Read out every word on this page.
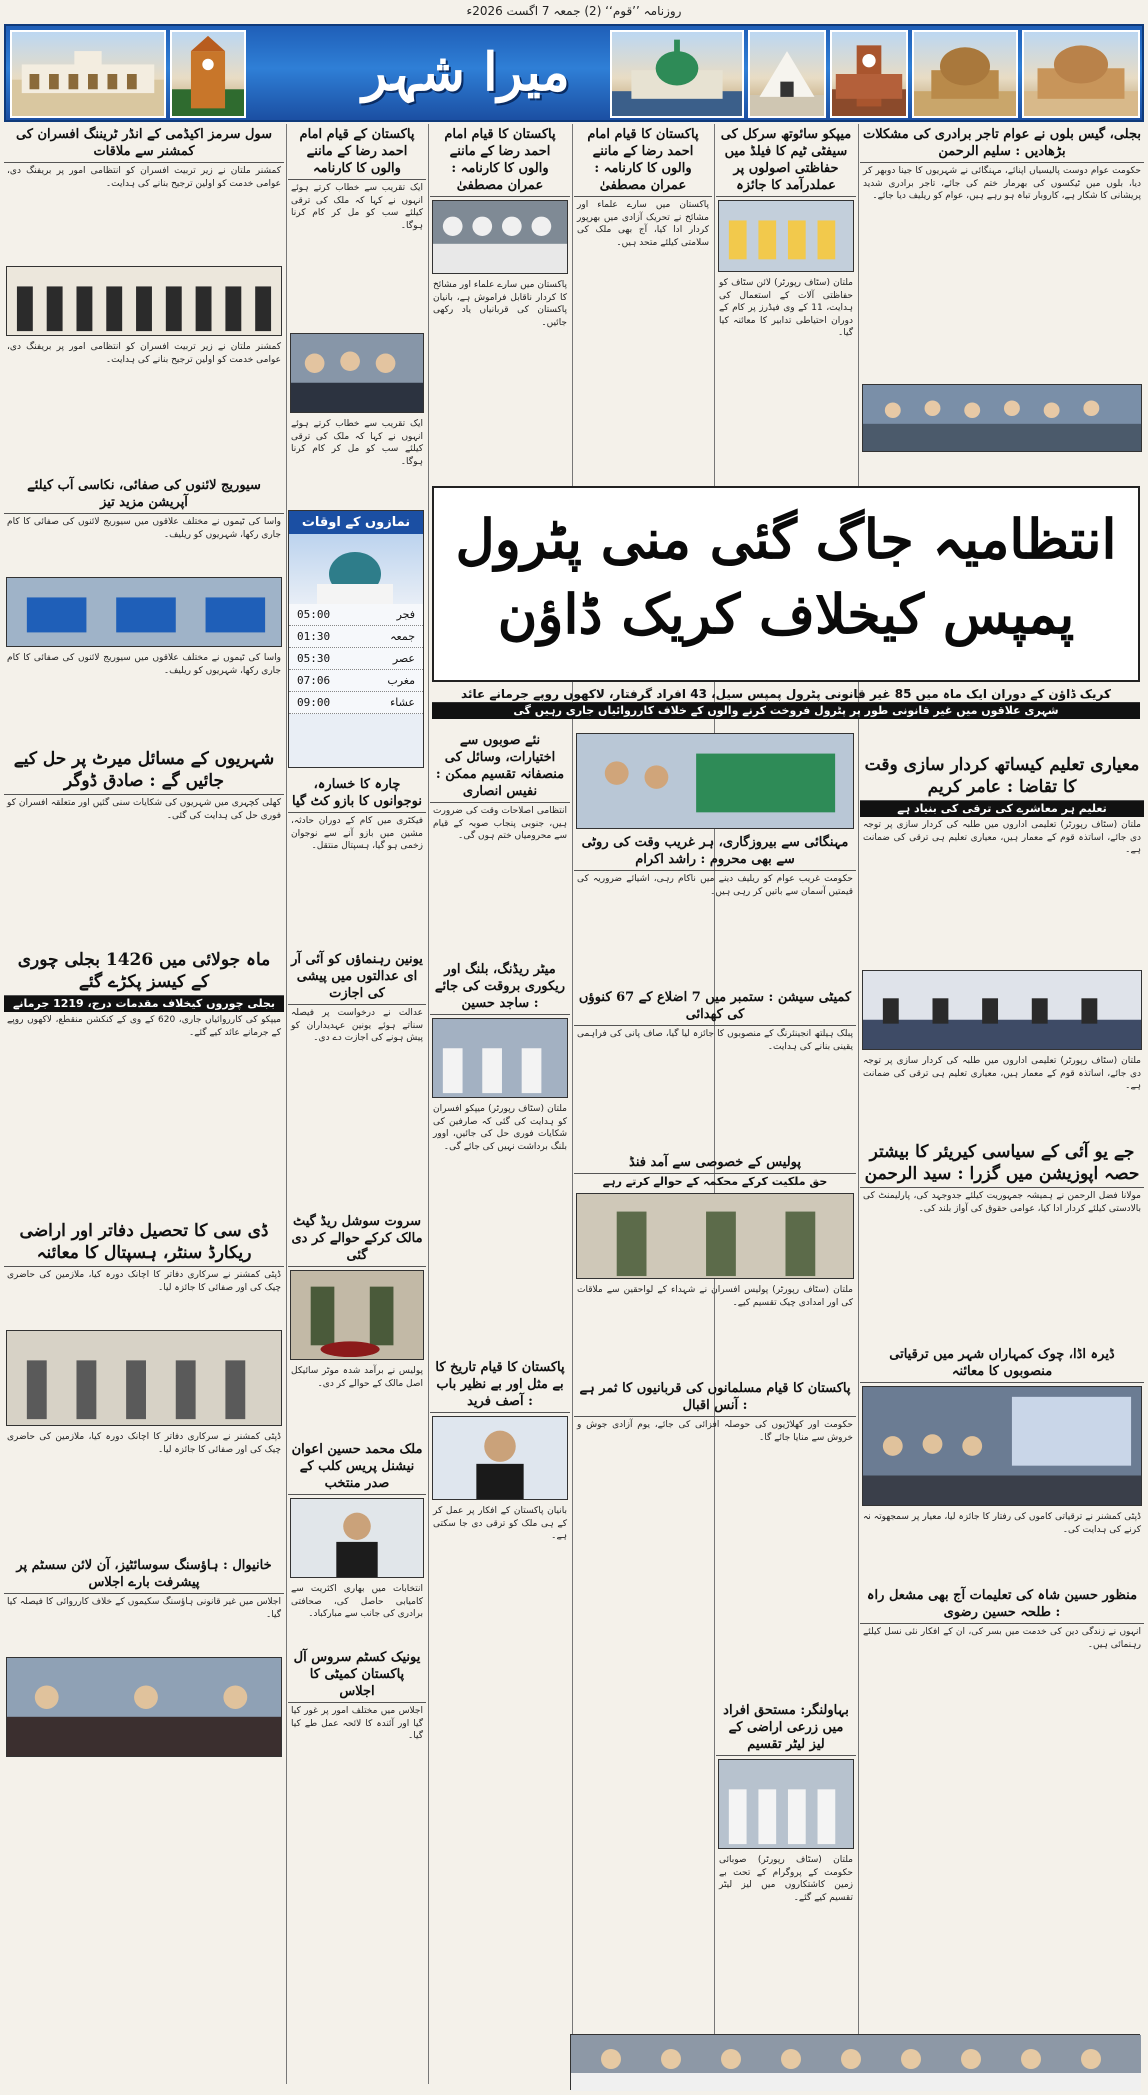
روزنامہ ’’قوم‘‘ (2) جمعہ 7 اگست 2026ء
میرا شہر
بجلی، گیس بلوں نے عوام تاجر برادری کی مشکلات بڑھادیں : سلیم الرحمن
حکومت عوام دوست پالیسیاں اپنائے، مہنگائی نے شہریوں کا جینا دوبھر کر دیا، بلوں میں ٹیکسوں کی بھرمار ختم کی جائے، تاجر برادری شدید پریشانی کا شکار ہے، کاروبار تباہ ہو رہے ہیں، عوام کو ریلیف دیا جائے۔
معیاری تعلیم کیساتھ کردار سازی وقت کا تقاضا : عامر کریم
تعلیم ہر معاشرے کی ترقی کی بنیاد ہے
ملتان (سٹاف رپورٹر) تعلیمی اداروں میں طلبہ کی کردار سازی پر توجہ دی جائے، اساتذہ قوم کے معمار ہیں، معیاری تعلیم ہی ترقی کی ضمانت ہے۔
ملتان (سٹاف رپورٹر) تعلیمی اداروں میں طلبہ کی کردار سازی پر توجہ دی جائے، اساتذہ قوم کے معمار ہیں، معیاری تعلیم ہی ترقی کی ضمانت ہے۔
جے یو آئی کے سیاسی کیریئر کا بیشتر حصہ اپوزیشن میں گزرا : سید الرحمن
مولانا فضل الرحمن نے ہمیشہ جمہوریت کیلئے جدوجہد کی، پارلیمنٹ کی بالادستی کیلئے کردار ادا کیا، عوامی حقوق کی آواز بلند کی۔
ڈیرہ اڈا، چوک کمہاراں شہر میں ترقیاتی منصوبوں کا معائنہ
ڈپٹی کمشنر نے ترقیاتی کاموں کی رفتار کا جائزہ لیا، معیار پر سمجھوتہ نہ کرنے کی ہدایت کی۔
منظور حسین شاہ کی تعلیمات آج بھی مشعل راہ : طلحہ حسین رضوی
انہوں نے زندگی دین کی خدمت میں بسر کی، ان کے افکار نئی نسل کیلئے رہنمائی ہیں۔
میپکو سائوتھ سرکل کی سیفٹی ٹیم کا فیلڈ میں حفاظتی اصولوں پر عملدرآمد کا جائزہ
ملتان (سٹاف رپورٹر) لائن سٹاف کو حفاظتی آلات کے استعمال کی ہدایت، 11 کے وی فیڈرز پر کام کے دوران احتیاطی تدابیر کا معائنہ کیا گیا۔
پاکستان کا قیام امام احمد رضا کے ماننے والوں کا کارنامہ : عمران مصطفیٰ
پاکستان میں سارے علماء اور مشائخ نے تحریک آزادی میں بھرپور کردار ادا کیا، آج بھی ملک کی سلامتی کیلئے متحد ہیں۔
پاکستان کا قیام امام احمد رضا کے ماننے والوں کا کارنامہ : عمران مصطفیٰ
پاکستان میں سارے علماء اور مشائخ کا کردار ناقابل فراموش ہے، بانیان پاکستان کی قربانیاں یاد رکھی جائیں۔
پاکستان کے قیام امام احمد رضا کے ماننے والوں کا کارنامہ
ایک تقریب سے خطاب کرتے ہوئے انہوں نے کہا کہ ملک کی ترقی کیلئے سب کو مل کر کام کرنا ہوگا۔
ایک تقریب سے خطاب کرتے ہوئے انہوں نے کہا کہ ملک کی ترقی کیلئے سب کو مل کر کام کرنا ہوگا۔
نمازوں کے اوقات
فجر
05:00
جمعہ
01:30
عصر
05:30
مغرب
07:06
عشاء
09:00
سول سرمز اکیڈمی کے انڈر ٹریننگ افسران کی کمشنر سے ملاقات
کمشنر ملتان نے زیر تربیت افسران کو انتظامی امور پر بریفنگ دی، عوامی خدمت کو اولین ترجیح بنانے کی ہدایت۔
کمشنر ملتان نے زیر تربیت افسران کو انتظامی امور پر بریفنگ دی، عوامی خدمت کو اولین ترجیح بنانے کی ہدایت۔
سیوریج لائنوں کی صفائی، نکاسی آب کیلئے آپریشن مزید تیز
واسا کی ٹیموں نے مختلف علاقوں میں سیوریج لائنوں کی صفائی کا کام جاری رکھا، شہریوں کو ریلیف۔
واسا کی ٹیموں نے مختلف علاقوں میں سیوریج لائنوں کی صفائی کا کام جاری رکھا، شہریوں کو ریلیف۔
شہریوں کے مسائل میرٹ پر حل کیے جائیں گے : صادق ڈوگر
کھلی کچہری میں شہریوں کی شکایات سنی گئیں اور متعلقہ افسران کو فوری حل کی ہدایت کی گئی۔
ماہ جولائی میں 1426 بجلی چوری کے کیسز پکڑے گئے
بجلی چوروں کیخلاف مقدمات درج، 1219 جرمانے
میپکو کی کارروائیاں جاری، 620 کے وی کے کنکشن منقطع، لاکھوں روپے کے جرمانے عائد کیے گئے۔
ڈی سی کا تحصیل دفاتر اور اراضی ریکارڈ سنٹر، ہسپتال کا معائنہ
ڈپٹی کمشنر نے سرکاری دفاتر کا اچانک دورہ کیا، ملازمین کی حاضری چیک کی اور صفائی کا جائزہ لیا۔
ڈپٹی کمشنر نے سرکاری دفاتر کا اچانک دورہ کیا، ملازمین کی حاضری چیک کی اور صفائی کا جائزہ لیا۔
خانیوال : ہاؤسنگ سوسائٹیز، آن لائن سسٹم پر پیشرفت بارے اجلاس
اجلاس میں غیر قانونی ہاؤسنگ سکیموں کے خلاف کارروائی کا فیصلہ کیا گیا۔
انتظامیہ جاگ گئی منی پٹرول پمپس کیخلاف کریک ڈاؤن
کریک ڈاؤن کے دوران ایک ماہ میں 85 غیر قانونی پٹرول پمپس سیل، 43 افراد گرفتار، لاکھوں روپے جرمانے عائد
شہری علاقوں میں غیر قانونی طور پر پٹرول فروخت کرنے والوں کے خلاف کارروائیاں جاری رہیں گی
مہنگائی سے بیروزگاری، ہر غریب وقت کی روٹی سے بھی محروم : راشد اکرام
حکومت غریب عوام کو ریلیف دینے میں ناکام رہی، اشیائے ضروریہ کی قیمتیں آسمان سے باتیں کر رہی ہیں۔
کمیٹی سیشن : ستمبر میں 7 اضلاع کے 67 کنوؤں کی کھدائی
پبلک ہیلتھ انجینئرنگ کے منصوبوں کا جائزہ لیا گیا، صاف پانی کی فراہمی یقینی بنانے کی ہدایت۔
پولیس کے خصوصی سے آمد فنڈ
حق ملکیت کرکے محکمہ کے حوالے کرتے رہے
ملتان (سٹاف رپورٹر) پولیس افسران نے شہداء کے لواحقین سے ملاقات کی اور امدادی چیک تقسیم کیے۔
پاکستان کا قیام مسلمانوں کی قربانیوں کا ثمر ہے : آنس اقبال
حکومت اور کھلاڑیوں کی حوصلہ افزائی کی جائے، یوم آزادی جوش و خروش سے منایا جائے گا۔
نئے صوبوں سے اختیارات، وسائل کی منصفانہ تقسیم ممکن : نفیس انصاری
انتظامی اصلاحات وقت کی ضرورت ہیں، جنوبی پنجاب صوبہ کے قیام سے محرومیاں ختم ہوں گی۔
میٹر ریڈنگ، بلنگ اور ریکوری بروقت کی جائے : ساجد حسین
ملتان (سٹاف رپورٹر) میپکو افسران کو ہدایت کی گئی کہ صارفین کی شکایات فوری حل کی جائیں، اوور بلنگ برداشت نہیں کی جائے گی۔
پاکستان کا قیام تاریخ کا بے مثل اور بے نظیر باب : آصف فرید
بانیان پاکستان کے افکار پر عمل کر کے ہی ملک کو ترقی دی جا سکتی ہے۔
چارہ کا خسارہ، نوجوانوں کا بازو کٹ گیا
فیکٹری میں کام کے دوران حادثہ، مشین میں بازو آنے سے نوجوان زخمی ہو گیا، ہسپتال منتقل۔
یونین رہنماؤں کو آئی آر ای عدالتوں میں پیشی کی اجازت
عدالت نے درخواست پر فیصلہ سناتے ہوئے یونین عہدیداران کو پیش ہونے کی اجازت دے دی۔
سروت سوشل ریڈ گیٹ مالک کرکے حوالے کر دی گئی
پولیس نے برآمد شدہ موٹر سائیکل اصل مالک کے حوالے کر دی۔
ملک محمد حسین اعوان نیشنل پریس کلب کے صدر منتخب
انتخابات میں بھاری اکثریت سے کامیابی حاصل کی، صحافتی برادری کی جانب سے مبارکباد۔
یونیک کسٹم سروس آل پاکستان کمیٹی کا اجلاس
اجلاس میں مختلف امور پر غور کیا گیا اور آئندہ کا لائحہ عمل طے کیا گیا۔
بہاولنگر: مستحق افراد میں زرعی اراضی کے لیز لیٹر تقسیم
ملتان (سٹاف رپورٹر) صوبائی حکومت کے پروگرام کے تحت بے زمین کاشتکاروں میں لیز لیٹر تقسیم کیے گئے۔
